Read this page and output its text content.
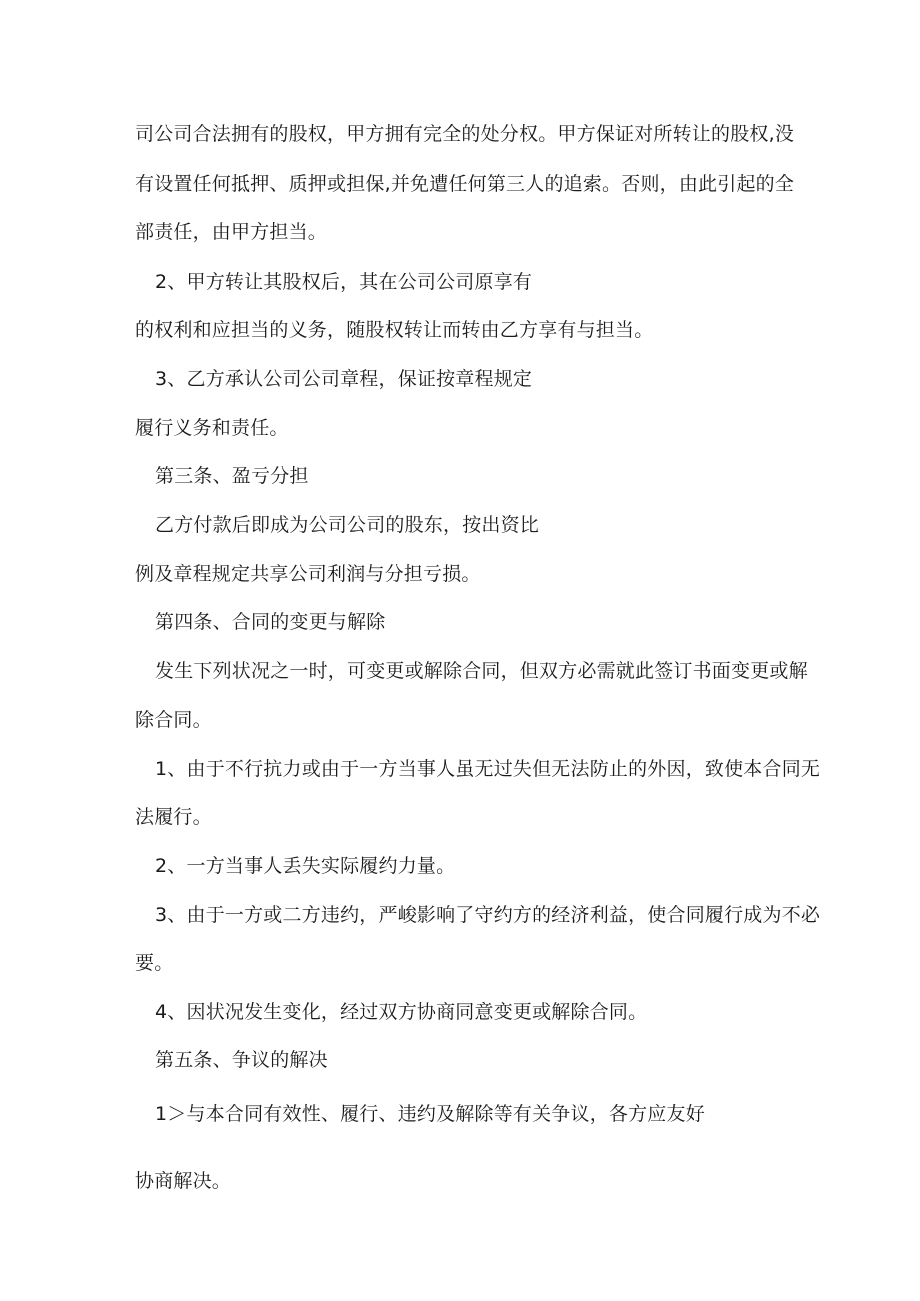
司公司合法拥有的股权，甲方拥有完全的处分权。甲方保证对所转让的股权,没

有设置任何抵押、质押或担保,并免遭任何第三人的追索。否则，由此引起的全

部责任，由甲方担当。

2、甲方转让其股权后，其在公司公司原享有

的权利和应担当的义务，随股权转让而转由乙方享有与担当。

3、乙方承认公司公司章程，保证按章程规定

履行义务和责任。

第三条、盈亏分担

乙方付款后即成为公司公司的股东，按出资比

例及章程规定共享公司利润与分担亏损。

第四条、合同的变更与解除

发生下列状况之一时，可变更或解除合同，但双方必需就此签订书面变更或解

除合同。

1、由于不行抗力或由于一方当事人虽无过失但无法防止的外因，致使本合同无

法履行。

2、一方当事人丢失实际履约力量。

3、由于一方或二方违约，严峻影响了守约方的经济利益，使合同履行成为不必

要。

4、因状况发生变化，经过双方协商同意变更或解除合同。

第五条、争议的解决

1＞与本合同有效性、履行、违约及解除等有关争议，各方应友好

协商解决。
